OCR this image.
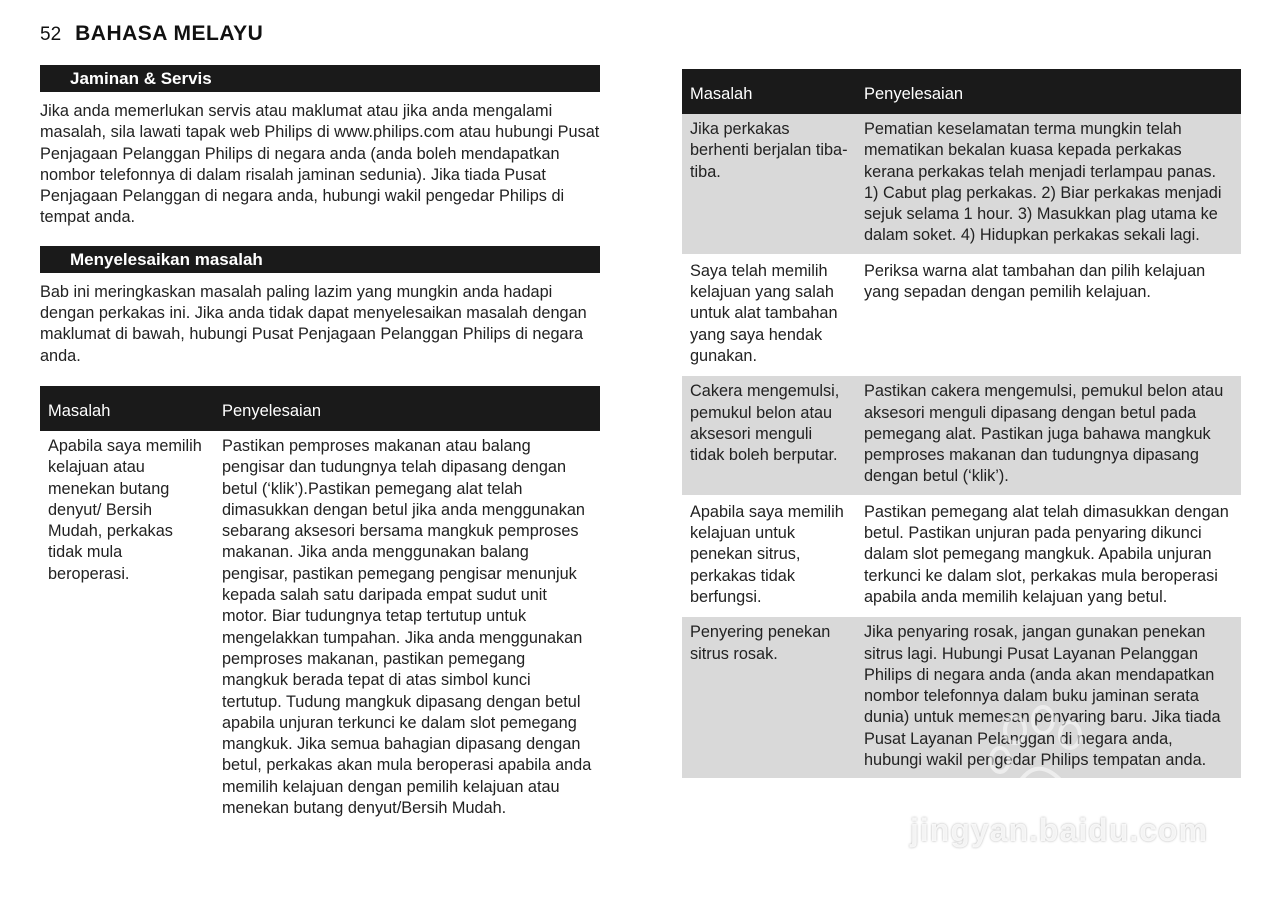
52 BAHASA MELAYU
Jaminan & Servis

Jika anda memerlukan servis atau maklumat atau jika anda mengalami masalah, sila lawati tapak web Philips di www.philips.com atau hubungi Pusat Penjagaan Pelanggan Philips di negara anda (anda boleh mendapatkan nombor telefonnya di dalam risalah jaminan sedunia). Jika tiada Pusat Penjagaan Pelanggan di negara anda, hubungi wakil pengedar Philips di tempat anda.

Menyelesaikan masalah

Bab ini meringkaskan masalah paling lazim yang mungkin anda hadapi dengan perkakas ini. Jika anda tidak dapat menyelesaikan masalah dengan maklumat di bawah, hubungi Pusat Penjagaan Pelanggan Philips di negara anda.

Masalah	Penyelesaian
Apabila saya memilih kelajuan atau menekan butang denyut/ Bersih Mudah, perkakas tidak mula beroperasi.	Pastikan pemproses makanan atau balang pengisar dan tudungnya telah dipasang dengan betul (‘klik’).Pastikan pemegang alat telah dimasukkan dengan betul jika anda menggunakan sebarang aksesori bersama mangkuk pemproses makanan. Jika anda menggunakan balang pengisar, pastikan pemegang pengisar menunjuk kepada salah satu daripada empat sudut unit motor. Biar tudungnya tetap tertutup untuk mengelakkan tumpahan. Jika anda menggunakan pemproses makanan, pastikan pemegang mangkuk berada tepat di atas simbol kunci tertutup. Tudung mangkuk dipasang dengan betul apabila unjuran terkunci ke dalam slot pemegang mangkuk. Jika semua bahagian dipasang dengan betul, perkakas akan mula beroperasi apabila anda memilih kelajuan dengan pemilih kelajuan atau menekan butang denyut/Bersih Mudah.
Masalah	Penyelesaian
Jika perkakas berhenti berjalan tiba-tiba.	Pematian keselamatan terma mungkin telah mematikan bekalan kuasa kepada perkakas kerana perkakas telah menjadi terlampau panas. 1) Cabut plag perkakas. 2) Biar perkakas menjadi sejuk selama 1 hour. 3) Masukkan plag utama ke dalam soket. 4) Hidupkan perkakas sekali lagi.
Saya telah memilih kelajuan yang salah untuk alat tambahan yang saya hendak gunakan.	Periksa warna alat tambahan dan pilih kelajuan yang sepadan dengan pemilih kelajuan.
Cakera mengemulsi, pemukul belon atau aksesori menguli tidak boleh berputar.	Pastikan cakera mengemulsi, pemukul belon atau aksesori menguli dipasang dengan betul pada pemegang alat. Pastikan juga bahawa mangkuk pemproses makanan dan tudungnya dipasang dengan betul (‘klik’).
Apabila saya memilih kelajuan untuk penekan sitrus, perkakas tidak berfungsi.	Pastikan pemegang alat telah dimasukkan dengan betul. Pastikan unjuran pada penyaring dikunci dalam slot pemegang mangkuk. Apabila unjuran terkunci ke dalam slot, perkakas mula beroperasi apabila anda memilih kelajuan yang betul.
Penyering penekan sitrus rosak.	Jika penyaring rosak, jangan gunakan penekan sitrus lagi. Hubungi Pusat Layanan Pelanggan Philips di negara anda (anda akan mendapatkan nombor telefonnya dalam buku jaminan serata dunia) untuk memesan penyaring baru. Jika tiada Pusat Layanan Pelanggan di negara anda, hubungi wakil pengedar Philips tempatan anda.
jingyan.baidu.com
